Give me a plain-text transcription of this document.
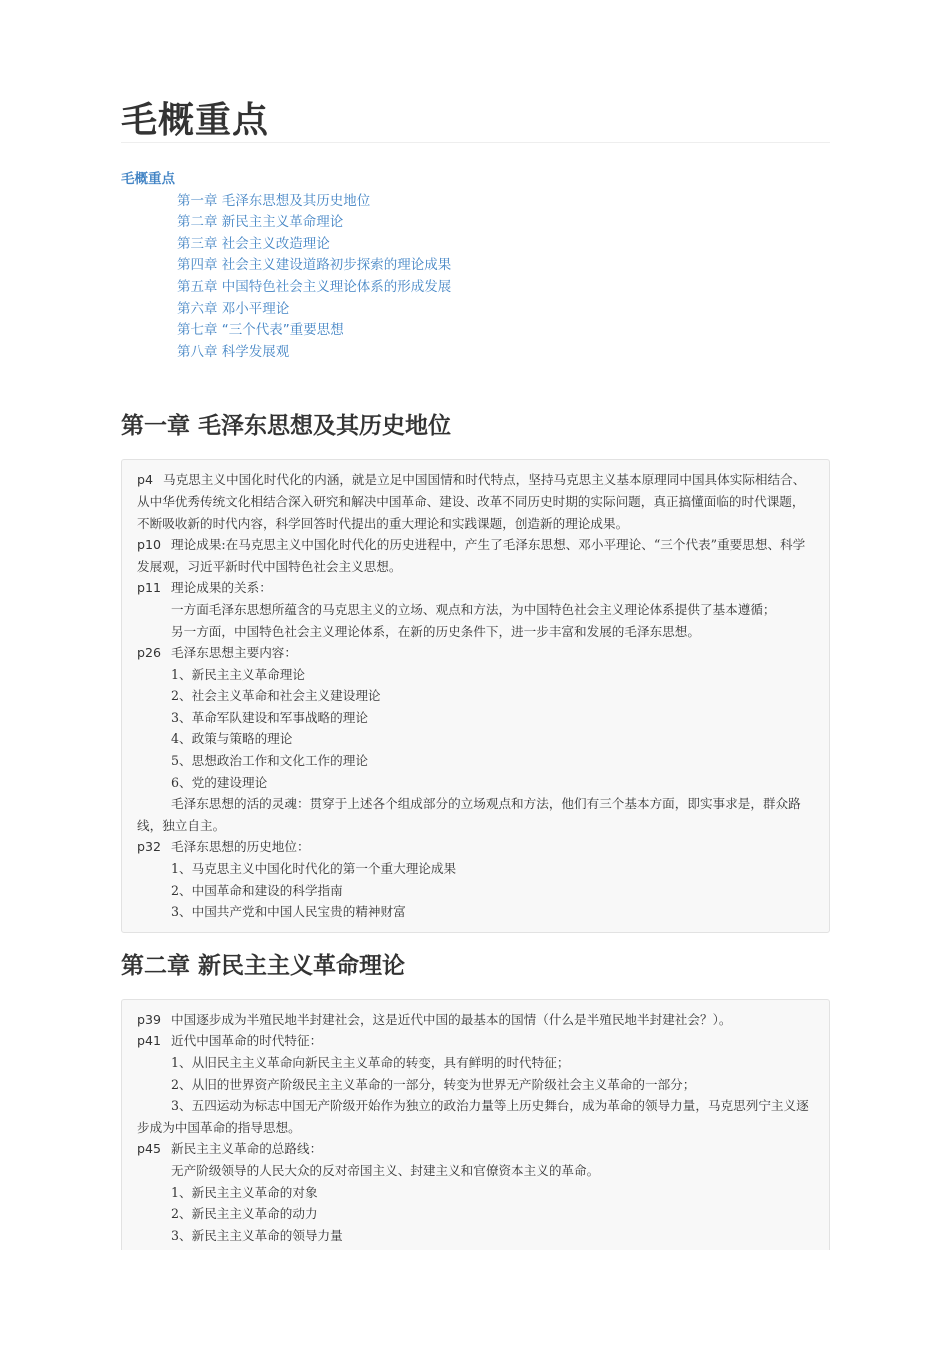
毛概重点
毛概重点
第一章 毛泽东思想及其历史地位
第二章 新民主主义革命理论
第三章 社会主义改造理论
第四章 社会主义建设道路初步探索的理论成果
第五章 中国特色社会主义理论体系的形成发展
第六章 邓小平理论
第七章 “三个代表”重要思想
第八章 科学发展观
第一章 毛泽东思想及其历史地位
p4 马克思主义中国化时代化的内涵，就是立足中国国情和时代特点，坚持马克思主义基本原理同中国具体实际相结合、从中华优秀传统文化相结合深入研究和解决中国革命、建设、改革不同历史时期的实际问题，真正搞懂面临的时代课题，不断吸收新的时代内容，科学回答时代提出的重大理论和实践课题，创造新的理论成果。
p10 理论成果:在马克思主义中国化时代化的历史进程中，产生了毛泽东思想、邓小平理论、“三个代表”重要思想、科学发展观，习近平新时代中国特色社会主义思想。
p11 理论成果的关系：
一方面毛泽东思想所蕴含的马克思主义的立场、观点和方法，为中国特色社会主义理论体系提供了基本遵循；
另一方面，中国特色社会主义理论体系，在新的历史条件下，进一步丰富和发展的毛泽东思想。
p26 毛泽东思想主要内容：
1、新民主主义革命理论
2、社会主义革命和社会主义建设理论
3、革命军队建设和军事战略的理论
4、政策与策略的理论
5、思想政治工作和文化工作的理论
6、党的建设理论
毛泽东思想的活的灵魂：贯穿于上述各个组成部分的立场观点和方法，他们有三个基本方面，即实事求是，群众路线，独立自主。
p32 毛泽东思想的历史地位：
1、马克思主义中国化时代化的第一个重大理论成果
2、中国革命和建设的科学指南
3、中国共产党和中国人民宝贵的精神财富
第二章 新民主主义革命理论
p39 中国逐步成为半殖民地半封建社会，这是近代中国的最基本的国情（什么是半殖民地半封建社会？）。
p41 近代中国革命的时代特征：
1、从旧民主主义革命向新民主主义革命的转变，具有鲜明的时代特征；
2、从旧的世界资产阶级民主主义革命的一部分，转变为世界无产阶级社会主义革命的一部分；
3、五四运动为标志中国无产阶级开始作为独立的政治力量等上历史舞台，成为革命的领导力量，马克思列宁主义逐步成为中国革命的指导思想。
p45 新民主主义革命的总路线：
无产阶级领导的人民大众的反对帝国主义、封建主义和官僚资本主义的革命。
1、新民主主义革命的对象
2、新民主主义革命的动力
3、新民主主义革命的领导力量
